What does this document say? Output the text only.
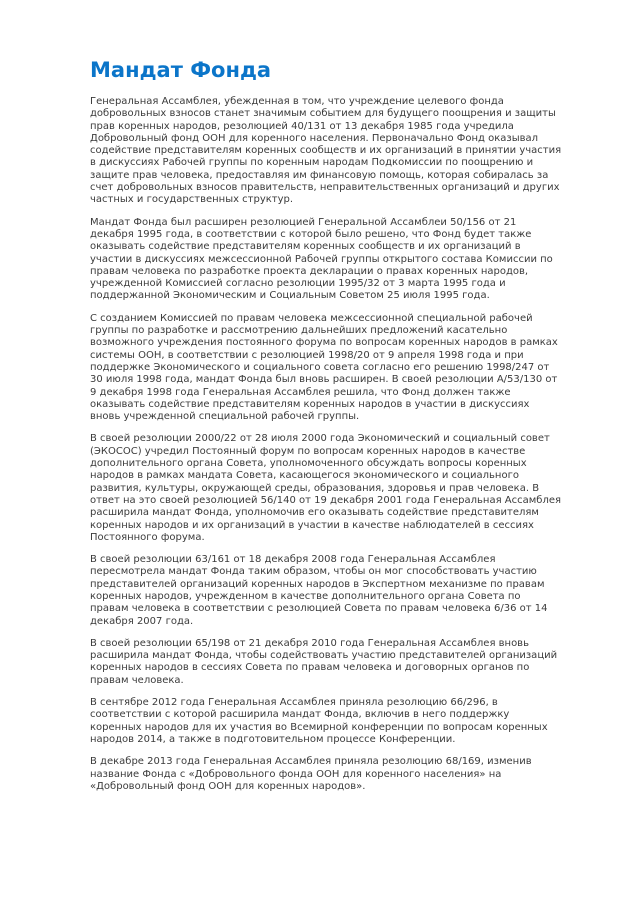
Мандат Фонда

Генеральная Ассамблея, убежденная в том, что учреждение целевого фонда добровольных взносов станет значимым событием для будущего поощрения и защиты прав коренных народов, резолюцией 40/131 от 13 декабря 1985 года учредила Добровольный фонд ООН для коренного населения. Первоначально Фонд оказывал содействие представителям коренных сообществ и их организаций в принятии участия в дискуссиях Рабочей группы по коренным народам Подкомиссии по поощрению и защите прав человека, предоставляя им финансовую помощь, которая собиралась за счет добровольных взносов правительств, неправительственных организаций и других частных и государственных структур.

Мандат Фонда был расширен резолюцией Генеральной Ассамблеи 50/156 от 21 декабря 1995 года, в соответствии с которой было решено, что Фонд будет также оказывать содействие представителям коренных сообществ и их организаций в участии в дискуссиях межсессионной Рабочей группы открытого состава Комиссии по правам человека по разработке проекта декларации о правах коренных народов, учрежденной Комиссией согласно резолюции 1995/32 от 3 марта 1995 года и поддержанной Экономическим и Социальным Советом 25 июля 1995 года.

С созданием Комиссией по правам человека межсессионной специальной рабочей группы по разработке и рассмотрению дальнейших предложений касательно возможного учреждения постоянного форума по вопросам коренных народов в рамках системы ООН, в соответствии с резолюцией 1998/20 от 9 апреля 1998 года и при поддержке Экономического и социального совета согласно его решению 1998/247 от 30 июля 1998 года, мандат Фонда был вновь расширен. В своей резолюции А/53/130 от 9 декабря 1998 года Генеральная Ассамблея решила, что Фонд должен также оказывать содействие представителям коренных народов в участии в дискуссиях вновь учрежденной специальной рабочей группы.

В своей резолюции 2000/22 от 28 июля 2000 года Экономический и социальный совет (ЭКОСОС) учредил Постоянный форум по вопросам коренных народов в качестве дополнительного органа Совета, уполномоченного обсуждать вопросы коренных народов в рамках мандата Совета, касающегося экономического и социального развития, культуры, окружающей среды, образования, здоровья и прав человека. В ответ на это своей резолюцией 56/140 от 19 декабря 2001 года Генеральная Ассамблея расширила мандат Фонда, уполномочив его оказывать содействие представителям коренных народов и их организаций в участии в качестве наблюдателей в сессиях Постоянного форума.

В своей резолюции 63/161 от 18 декабря 2008 года Генеральная Ассамблея пересмотрела мандат Фонда таким образом, чтобы он мог способствовать участию представителей организаций коренных народов в Экспертном механизме по правам коренных народов, учрежденном в качестве дополнительного органа Совета по правам человека в соответствии с резолюцией Совета по правам человека 6/36 от 14 декабря 2007 года.

В своей резолюции 65/198 от 21 декабря 2010 года Генеральная Ассамблея вновь расширила мандат Фонда, чтобы содействовать участию представителей организаций коренных народов в сессиях Совета по правам человека и договорных органов по правам человека.

В сентябре 2012 года Генеральная Ассамблея приняла резолюцию 66/296, в соответствии с которой расширила мандат Фонда, включив в него поддержку коренных народов для их участия во Всемирной конференции по вопросам коренных народов 2014, а также в подготовительном процессе Конференции.

В декабре 2013 года Генеральная Ассамблея приняла резолюцию 68/169, изменив название Фонда с «Добровольного фонда ООН для коренного населения» на «Добровольный фонд ООН для коренных народов».
